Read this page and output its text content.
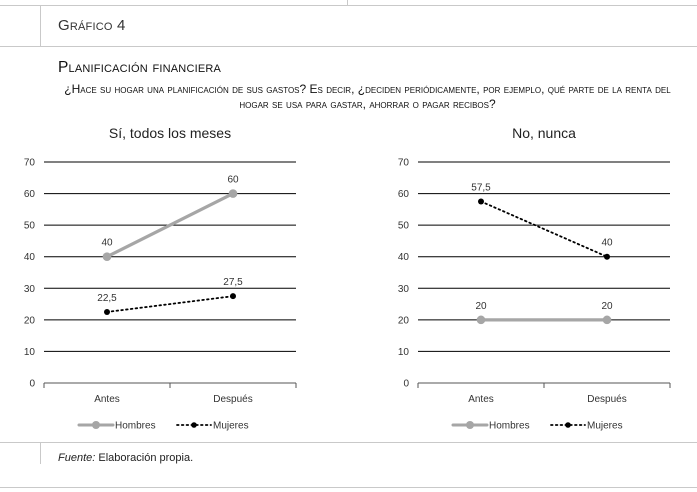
Gráfico 4
Planificación financiera
¿Hace su hogar una planificación de sus gastos? Es decir, ¿deciden periódicamente, por ejemplo, qué parte de la renta del hogar se usa para gastar, ahorrar o pagar recibos?
Sí, todos los meses
0
10
20
30
40
50
60
70
Antes	Después
40
60
22,5
27,5
Hombres	Mujeres
No, nunca
0
10
20
30
40
50
60
70
Antes	Después
20	20
57,5
40
Hombres	Mujeres
Fuente: Elaboración propia.
